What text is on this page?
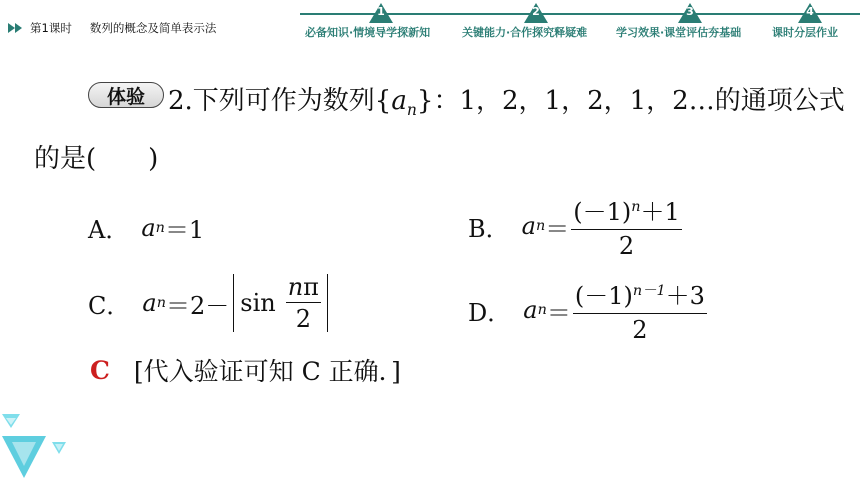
第1课时 数列的概念及简单表示法
1
必备知识·情境导学探新知
2
关键能力·合作探究释疑难
3
学习效果·课堂评估夯基础
4
课时分层作业
体验 2.下列可作为数列$\{a_n\}$：1，2，1，2，1，2…的通项公式
的是(　　)
A． a n ＝1	B． a $n = \frac{(-1)^n+1}{2}$
C． a $n =2- \sin \frac{n\pi}{2}$	D． a $n = \frac{(-1)^{n-1}+3}{2}$
C [代入验证可知 C 正确．]
